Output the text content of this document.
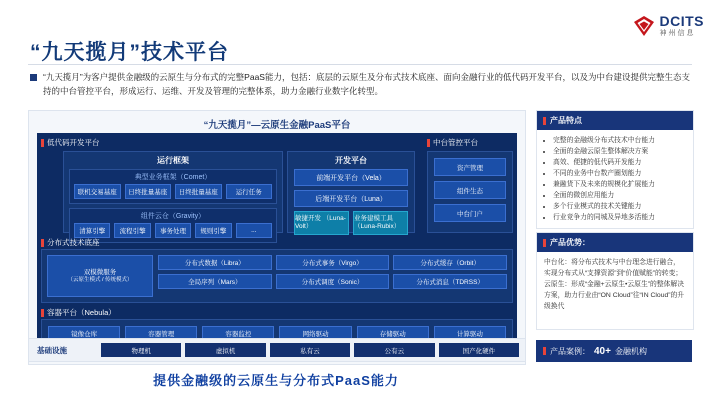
DCITS
神州信息
“九天揽月”技术平台
“九天揽月”为客户提供金融级的云原生与分布式的完整PaaS能力，包括：底层的云原生及分布式技术底座、面向金融行业的低代码开发平台，以及为中台建设提供完整生态支持的中台管控平台，形成运行、运维、开发及管理的完整体系，助力金融行业数字化转型。
“九天揽月”—云原生金融PaaS平台
低代码开发平台
运行框架
典型业务框架（Comet）
联机交易基座	日终批量基座	日终批量基座	运行任务
组件云仓（Gravity）
清算引擎	流程引擎	事务处理	规则引擎	...
开发平台
前端开发平台（Vela）
后端开发平台（Luna）
敏捷开发 （Luna-Volt）
业务建模工具 （Luna-Rubix）
中台管控平台
资产管理
组件生态
中台门户
分布式技术底座
双模微服务
（云原生模式 / 传统模式）
分布式数据（Libra）	分布式事务（Virgo）	分布式缓存（Orbit）
全局序列（Mars）	分布式调度（Sonic）	分布式消息（TDRSS）
容器平台（Nebula）
镜像仓库	容器管理	容器监控	网络驱动	存储驱动	计算驱动
基础设施	物理机	虚拟机	私有云	公有云	国产化硬件
提供金融级的云原生与分布式PaaS能力
产品特点
• 完整的金融级分布式技术中台能力
• 全面的金融云原生整体解决方案
• 高效、便捷的低代码开发能力
• 不同的业务中台数产圈划能力
• 兼融货下及未来的规模化扩展能力
• 全面的微创应用能力
• 多个行业模式的技术关键能力
• 行业竞争力的同城及异地多活能力
产品优势：
中台化：将分布式技术与中台理念进行融合，实现分布式从“支撑资源”到“价值赋能”的转变；云原生：形成“金融+云原生•云原生”的整体解决方案，助力行业由“ON Cloud”往“IN Cloud”的升级换代
产品案例： 40+ 金融机构
